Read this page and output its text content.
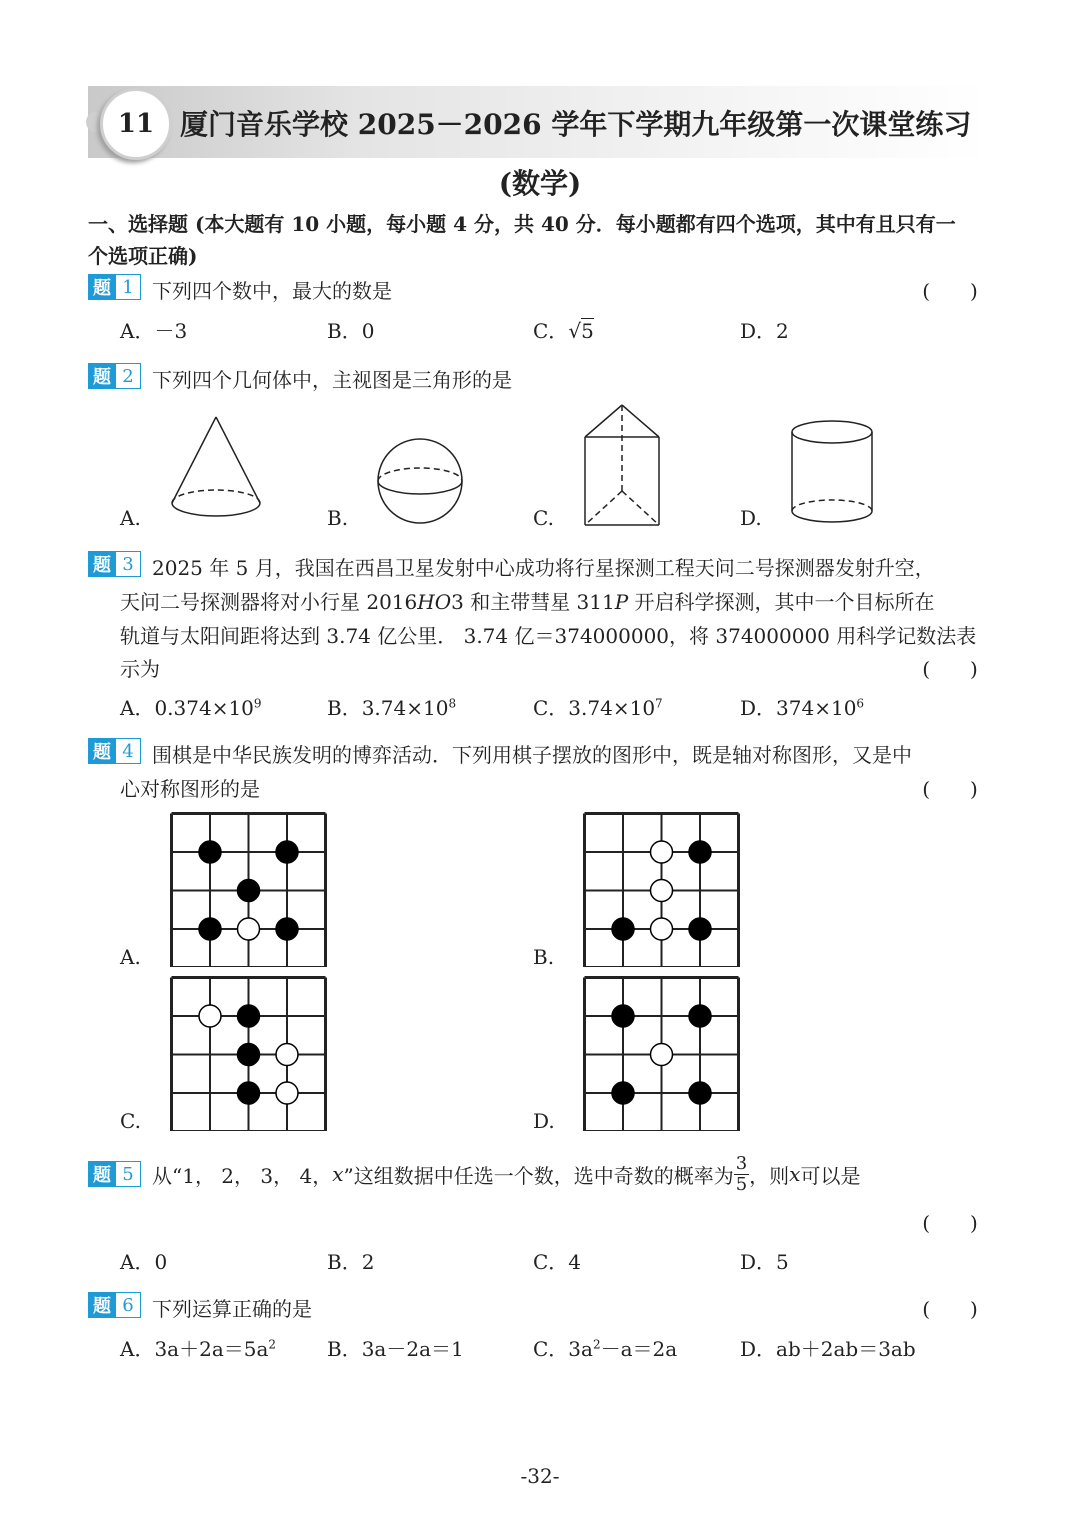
11 厦门音乐学校 2025－2026 学年下学期九年级第一次课堂练习
(数学)
一、选择题 (本大题有 10 小题，每小题 4 分，共 40 分．每小题都有四个选项，其中有且只有一
个选项正确)
题 1 下列四个数中，最大的数是	(　　)
A．－3	B．0	C．√5	D．2
题 2 下列四个几何体中，主视图是三角形的是
A.	B.	C.	D.
题 3 2025 年 5 月，我国在西昌卫星发射中心成功将行星探测工程天问二号探测器发射升空，
天问二号探测器将对小行星 2016HO3 和主带彗星 311P 开启科学探测，其中一个目标所在
轨道与太阳间距将达到 3.74 亿公里． 3.74 亿＝374000000，将 374000000 用科学记数法表
示为	(　　)
A．$0.374\times 10^9$	B．$3.74\times 10^8$	C．$3.74\times 10^7$	D．$374\times 10^6$
题 4 围棋是中华民族发明的博弈活动．下列用棋子摆放的图形中，既是轴对称图形，又是中
心对称图形的是	(　　)
A.	B.
C.	D.
题 5 从“1， 2， 3， 4， x ”这组数据中任选一个数，选中奇数的概率为 $\frac{3}{5}$ ，则 x 可以是
(　　)
A．0	B．2	C．4	D．5
题 6 下列运算正确的是	(　　)
A．$3a+2a=5a^2$	B．3a－2a＝1	C．$3a^2-a=2a$	D．ab＋2ab＝3ab
-32-
